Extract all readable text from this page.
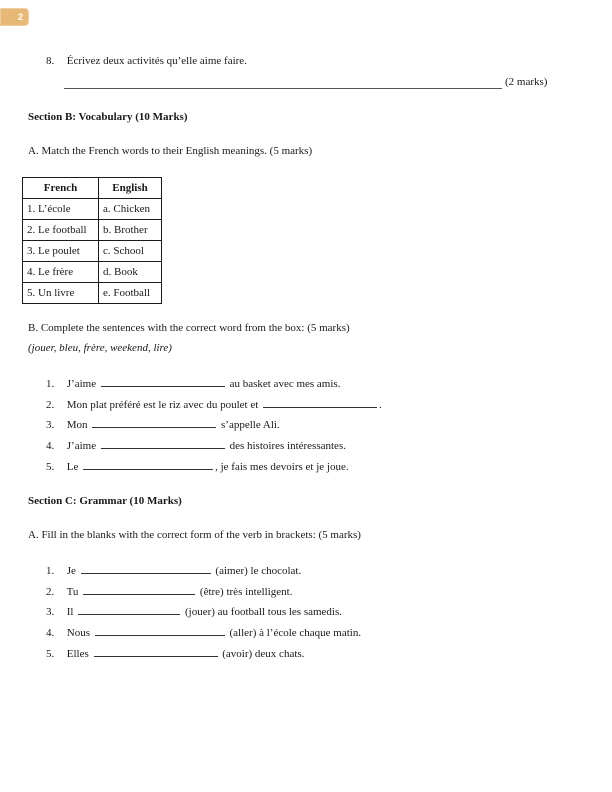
2
8. Écrivez deux activités qu’elle aime faire.
(2 marks)
Section B: Vocabulary (10 Marks)
A. Match the French words to their English meanings. (5 marks)
French	English
1. L’école	a. Chicken
2. Le football	b. Brother
3. Le poulet	c. School
4. Le frère	d. Book
5. Un livre	e. Football
B. Complete the sentences with the correct word from the box: (5 marks)
(jouer, bleu, frère, weekend, lire)
1. J’aime	au basket avec mes amis.
2. Mon plat préféré est le riz avec du poulet et	.
3. Mon	s’appelle Ali.
4. J’aime	des histoires intéressantes.
5. Le	, je fais mes devoirs et je joue.
Section C: Grammar (10 Marks)
A. Fill in the blanks with the correct form of the verb in brackets: (5 marks)
1. Je	(aimer) le chocolat.
2. Tu	(être) très intelligent.
3. Il	(jouer) au football tous les samedis.
4. Nous	(aller) à l’école chaque matin.
5. Elles	(avoir) deux chats.
